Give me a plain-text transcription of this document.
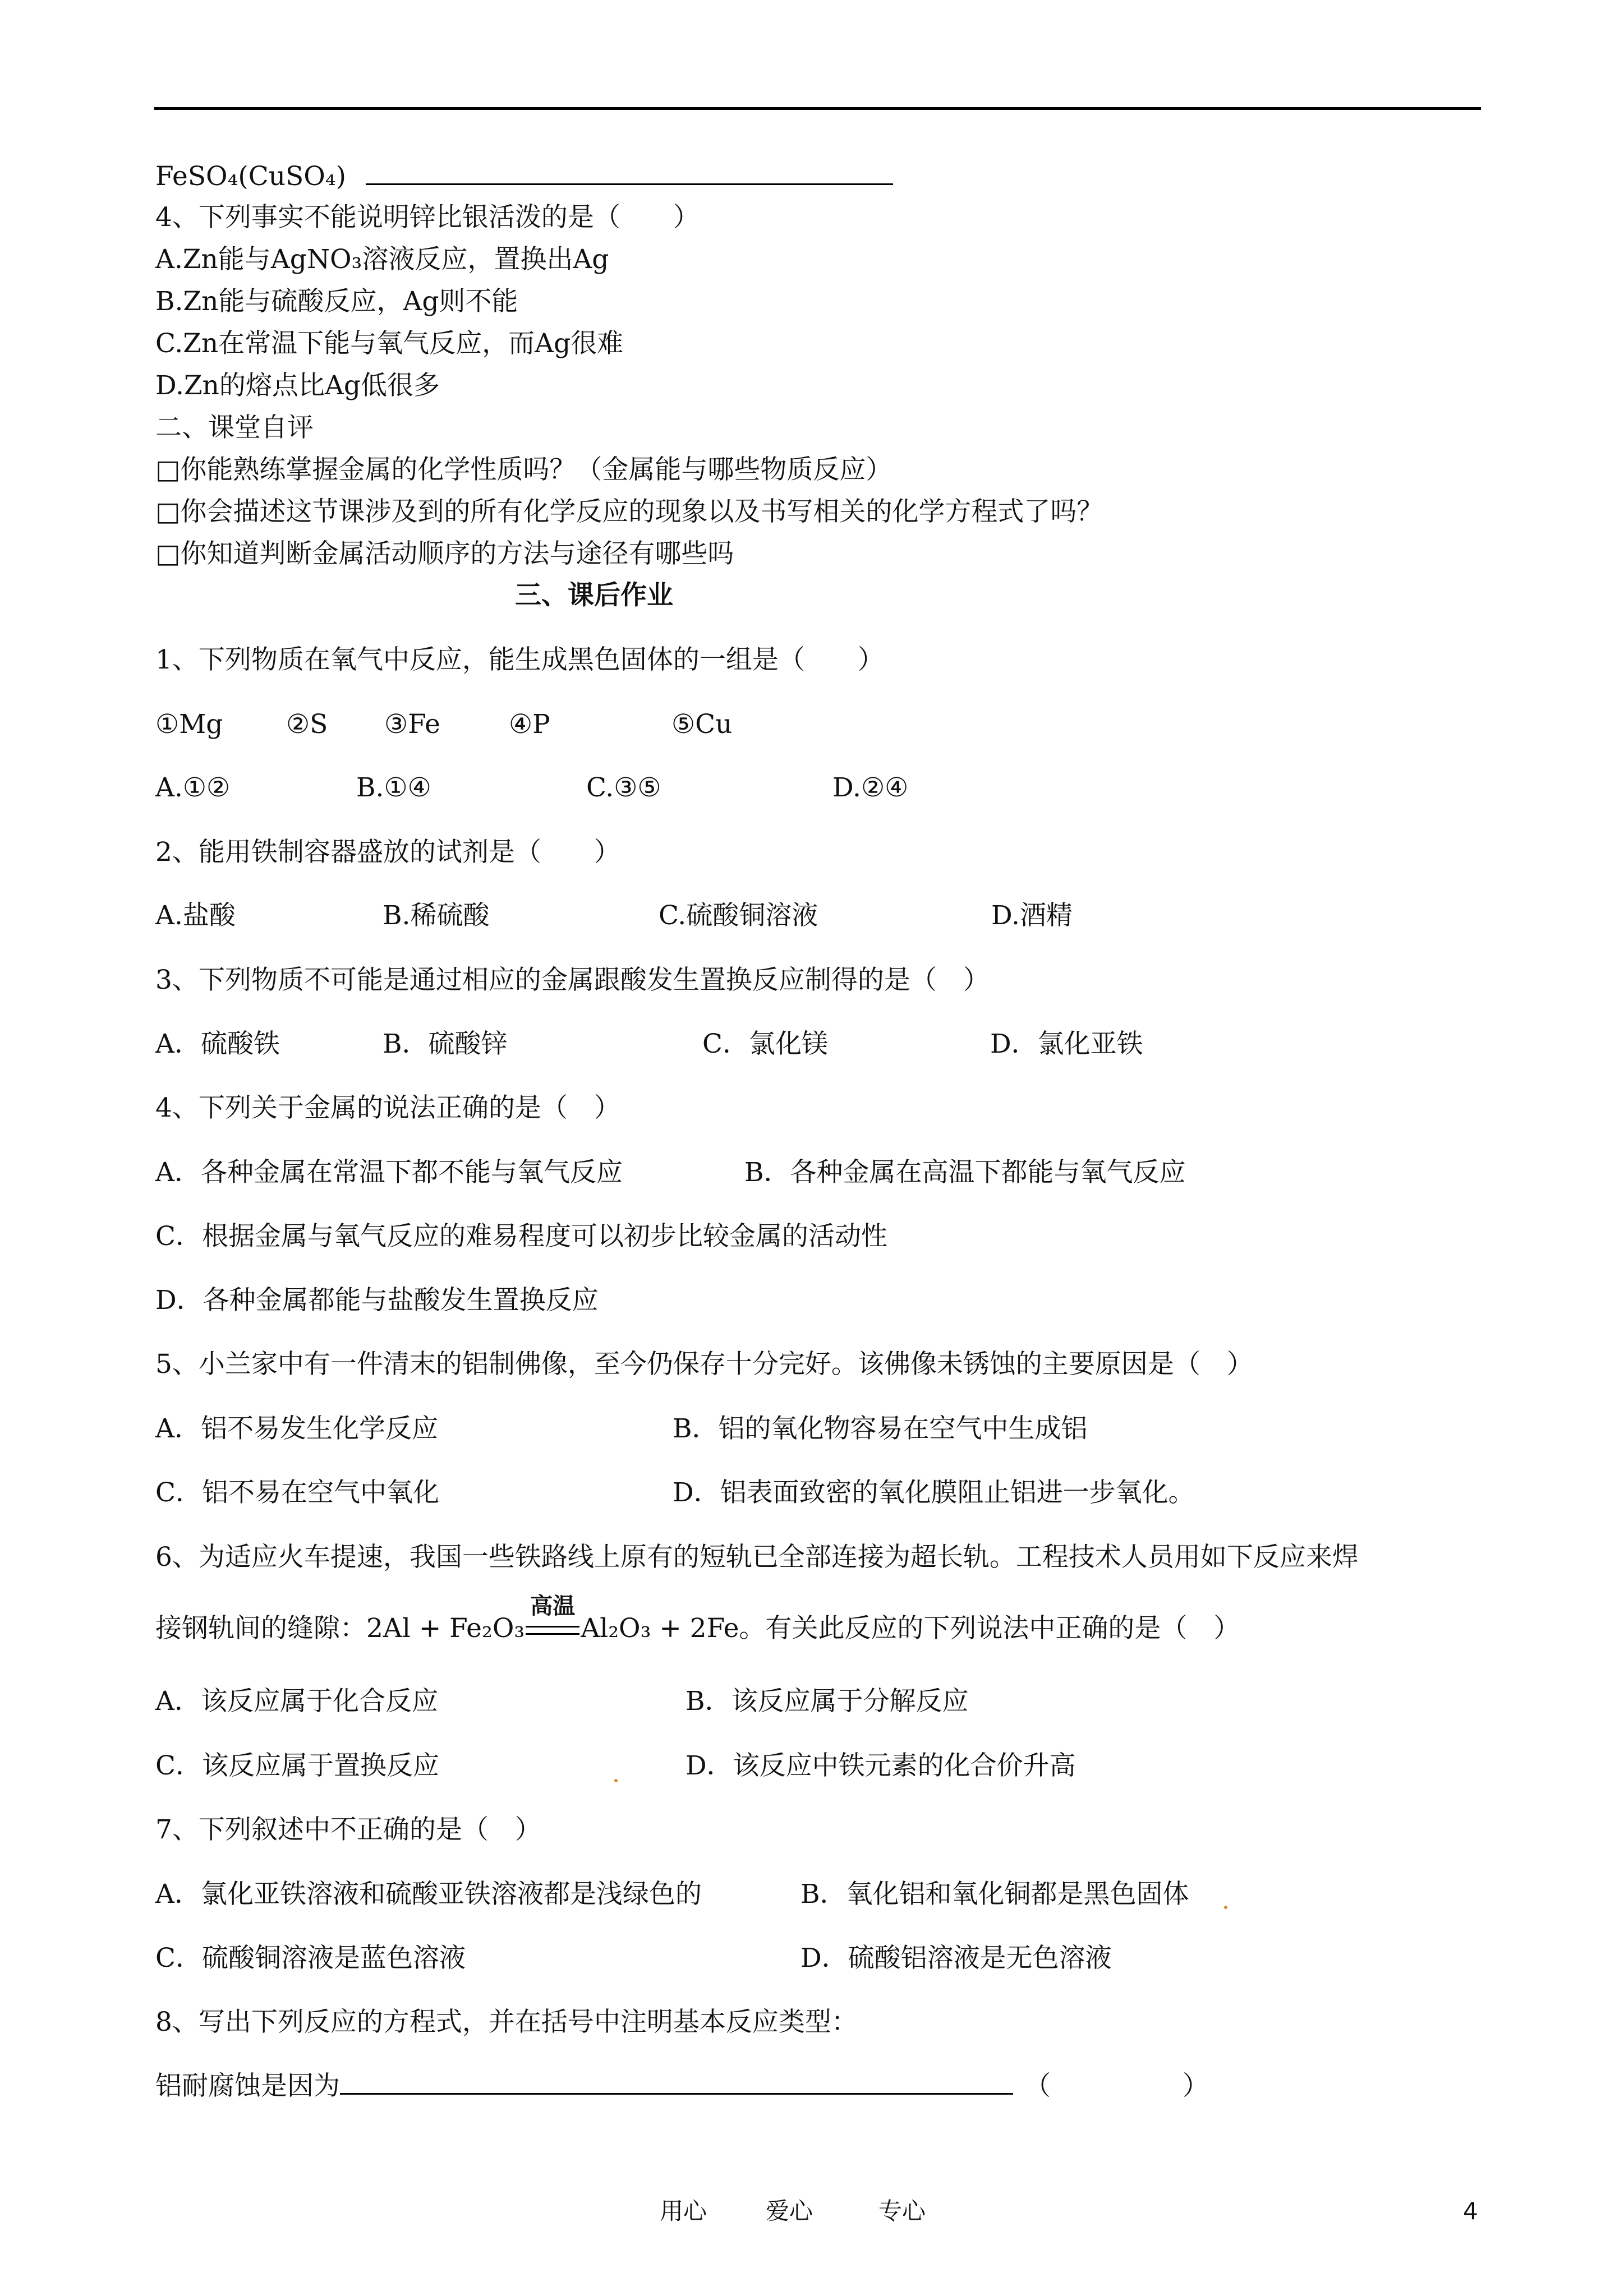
FeSO₄(CuSO₄)
4、下列事实不能说明锌比银活泼的是（　　）
A.Zn能与AgNO₃溶液反应，置换出Ag
B.Zn能与硫酸反应，Ag则不能
C.Zn在常温下能与氧气反应，而Ag很难
D.Zn的熔点比Ag低很多
二、课堂自评
□你能熟练掌握金属的化学性质吗？（金属能与哪些物质反应）
□你会描述这节课涉及到的所有化学反应的现象以及书写相关的化学方程式了吗？
□你知道判断金属活动顺序的方法与途径有哪些吗
三、课后作业
1、下列物质在氧气中反应，能生成黑色固体的一组是（　　）
①Mg ②S ③Fe	④P	⑤Cu
A.①②	B.①④	C.③⑤	D.②④
2、能用铁制容器盛放的试剂是（　　）
A.盐酸	B.稀硫酸	C.硫酸铜溶液	D.酒精
3、下列物质不可能是通过相应的金属跟酸发生置换反应制得的是（　）
A．硫酸铁	B．硫酸锌	C．氯化镁	D．氯化亚铁
4、下列关于金属的说法正确的是（　）
A．各种金属在常温下都不能与氧气反应	B．各种金属在高温下都能与氧气反应
C．根据金属与氧气反应的难易程度可以初步比较金属的活动性
D．各种金属都能与盐酸发生置换反应
5、小兰家中有一件清末的铝制佛像，至今仍保存十分完好。该佛像未锈蚀的主要原因是（　）
A．铝不易发生化学反应	B．铝的氧化物容易在空气中生成铝
C．铝不易在空气中氧化	D．铝表面致密的氧化膜阻止铝进一步氧化。
6、为适应火车提速，我国一些铁路线上原有的短轨已全部连接为超长轨。工程技术人员用如下反应来焊
接钢轨间的缝隙：2Al + Fe₂O₃
高温
Al₂O₃ + 2Fe。有关此反应的下列说法中正确的是（　）
A．该反应属于化合反应	B．该反应属于分解反应
C．该反应属于置换反应	D．该反应中铁元素的化合价升高
7、下列叙述中不正确的是（　）
A．氯化亚铁溶液和硫酸亚铁溶液都是浅绿色的	B．氧化铝和氧化铜都是黑色固体
C．硫酸铜溶液是蓝色溶液	D．硫酸铝溶液是无色溶液
8、写出下列反应的方程式，并在括号中注明基本反应类型：
铝耐腐蚀是因为	（　　　　　）
用心 爱心	专心	4
